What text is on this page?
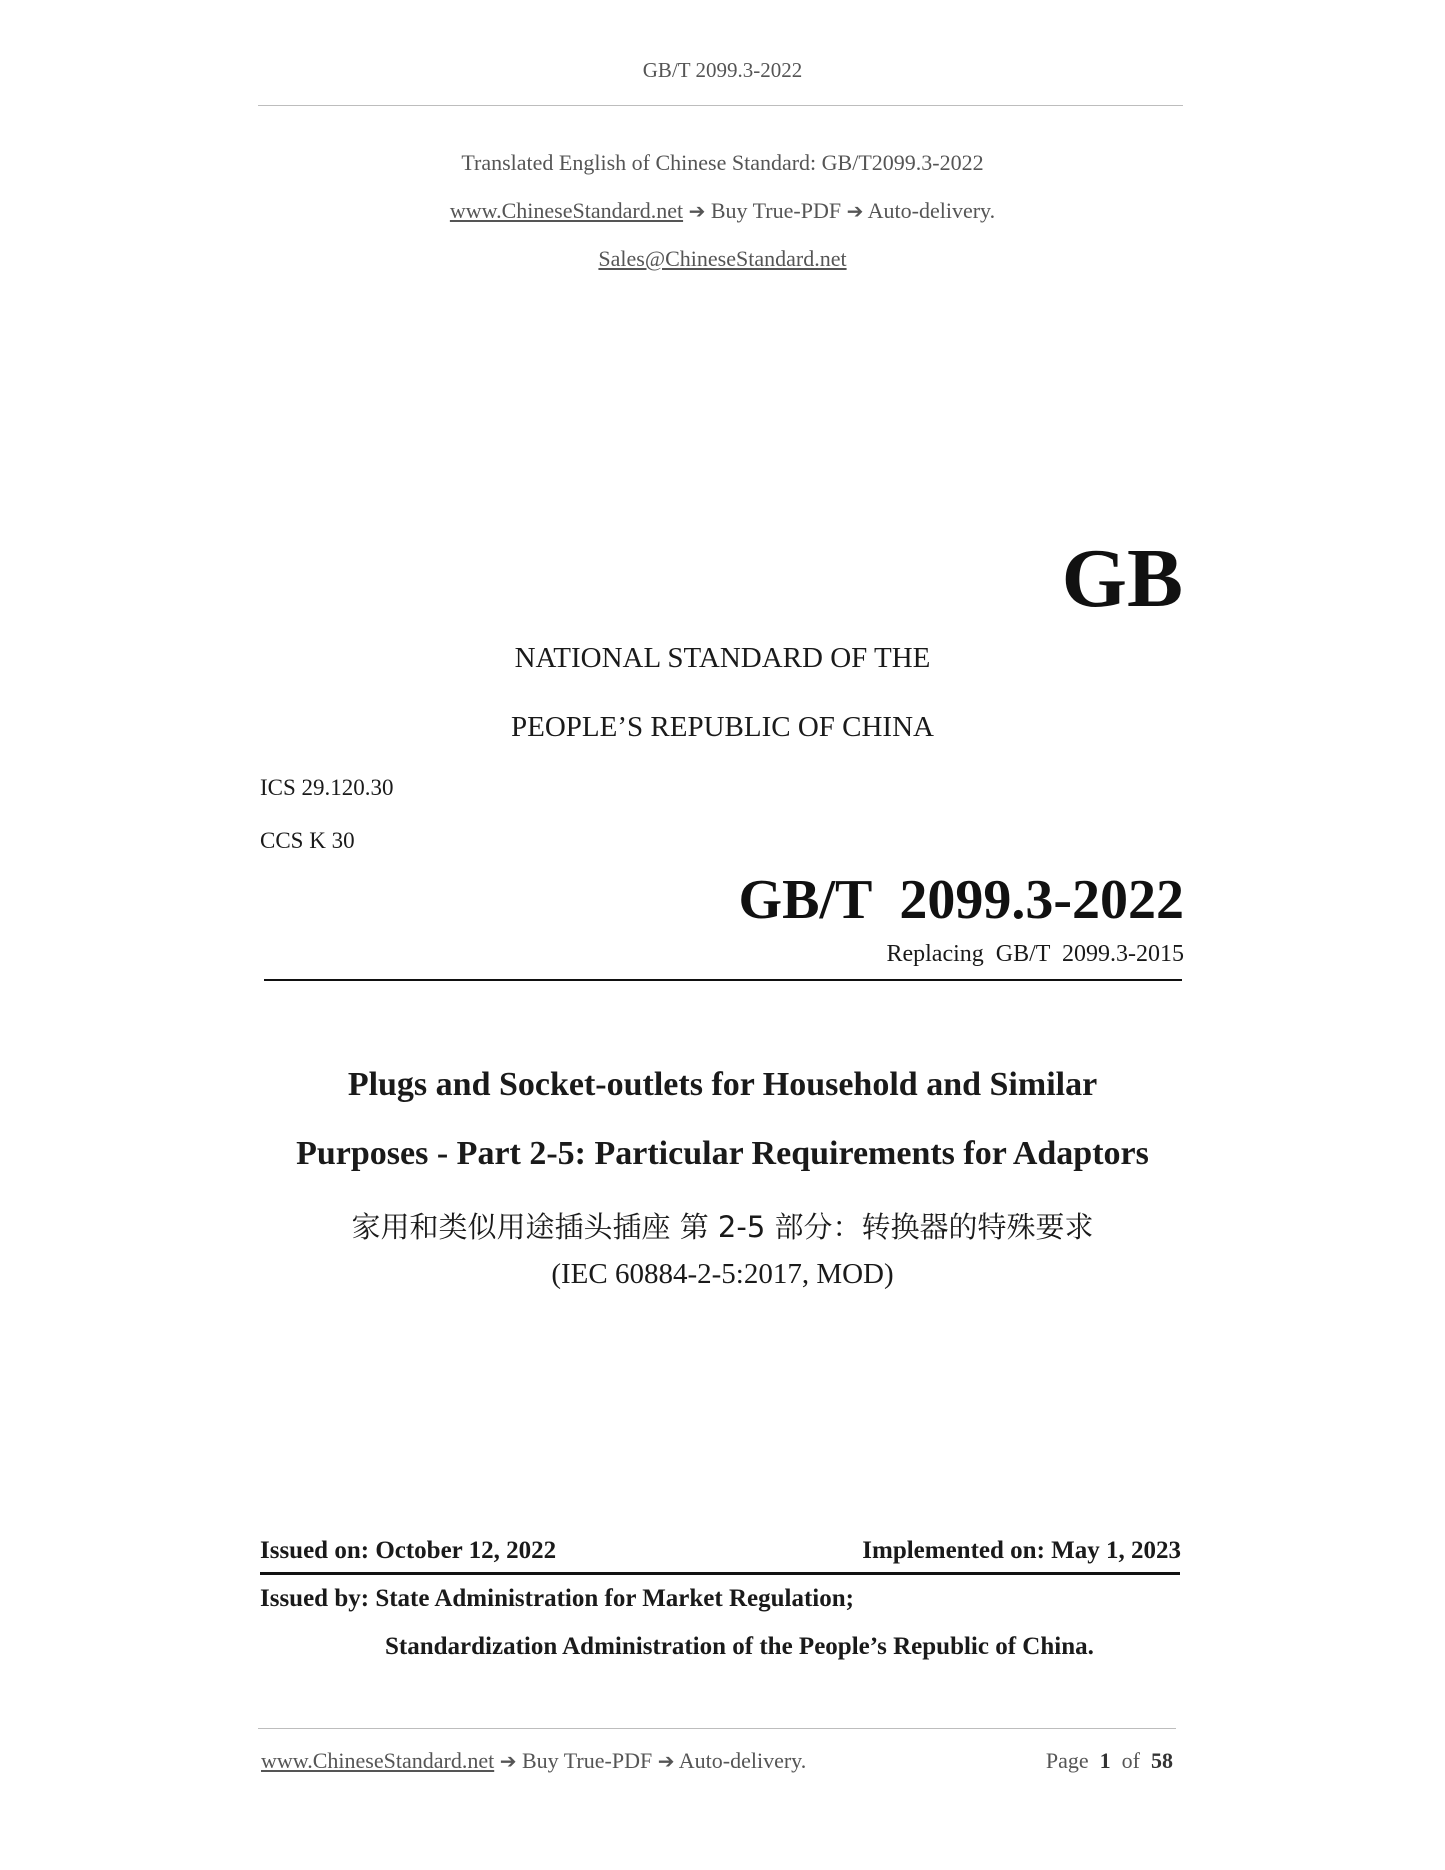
GB/T 2099.3-2022
Translated English of Chinese Standard: GB/T2099.3-2022
www.ChineseStandard.net ➔ Buy True-PDF ➔ Auto-delivery.
Sales@ChineseStandard.net
GB
NATIONAL STANDARD OF THE
PEOPLE’S REPUBLIC OF CHINA
ICS 29.120.30
CCS K 30
GB/T  2099.3-2022
Replacing  GB/T  2099.3-2015
Plugs and Socket-outlets for Household and Similar
Purposes - Part 2-5: Particular Requirements for Adaptors
家用和类似用途插头插座 第 2-5 部分：转换器的特殊要求
(IEC 60884-2-5:2017, MOD)
Issued on: October 12, 2022	Implemented on: May 1, 2023
Issued by: State Administration for Market Regulation;
Standardization Administration of the People’s Republic of China.
www.ChineseStandard.net ➔ Buy True-PDF ➔ Auto-delivery.	Page 1 of 58
